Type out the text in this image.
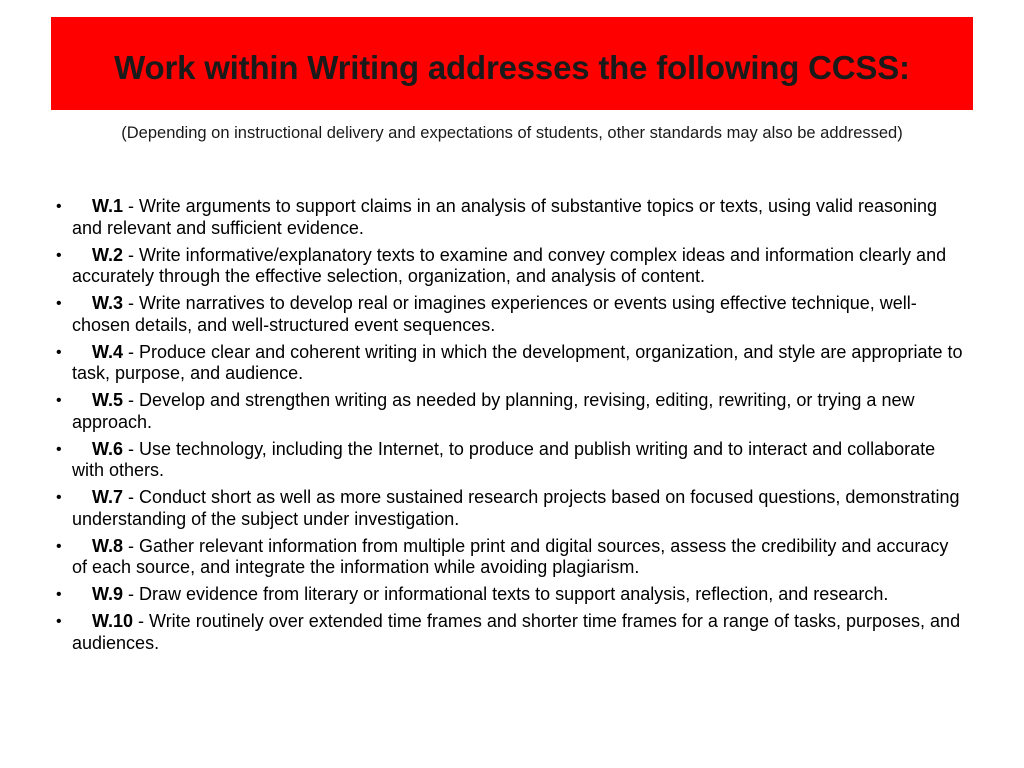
Work within Writing addresses the following CCSS:
(Depending on instructional delivery and expectations of students, other standards may also be addressed)
• W.1 - Write arguments to support claims in an analysis of substantive topics or texts, using valid reasoning and relevant and sufficient evidence.
• W.2 - Write informative/explanatory texts to examine and convey complex ideas and information clearly and accurately through the effective selection, organization, and analysis of content.
• W.3 - Write narratives to develop real or imagines experiences or events using effective technique, well-chosen details, and well-structured event sequences.
• W.4 - Produce clear and coherent writing in which the development, organization, and style are appropriate to task, purpose, and audience.
• W.5 - Develop and strengthen writing as needed by planning, revising, editing, rewriting, or trying a new approach.
• W.6 - Use technology, including the Internet, to produce and publish writing and to interact and collaborate with others.
• W.7 - Conduct short as well as more sustained research projects based on focused questions, demonstrating understanding of the subject under investigation.
• W.8 - Gather relevant information from multiple print and digital sources, assess the credibility and accuracy of each source, and integrate the information while avoiding plagiarism.
• W.9 - Draw evidence from literary or informational texts to support analysis, reflection, and research.
• W.10 - Write routinely over extended time frames and shorter time frames for a range of tasks, purposes, and audiences.
